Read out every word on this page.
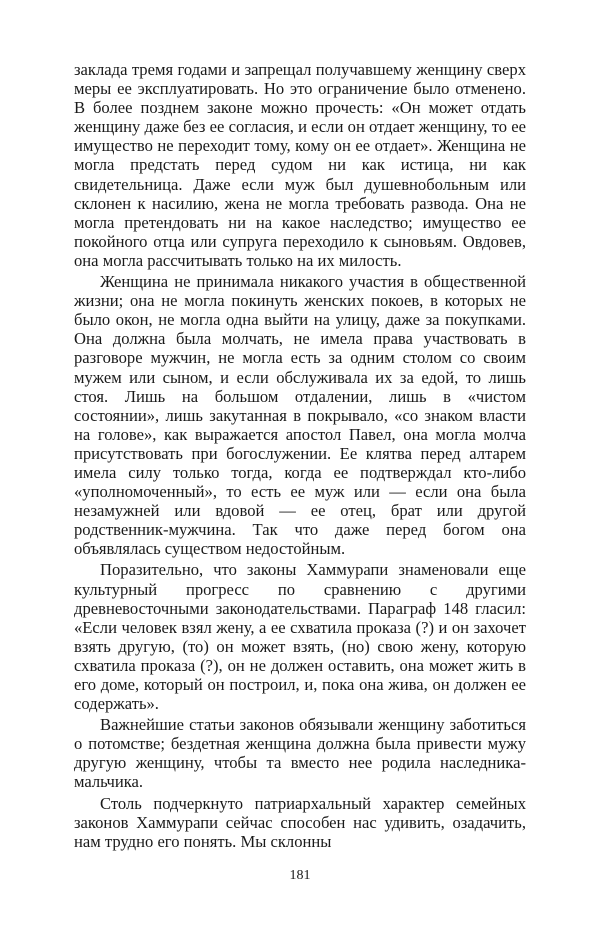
заклада тремя годами и запрещал получавшему женщину сверх меры ее эксплуатировать. Но это ограничение было отменено. В более позднем законе можно прочесть: «Он может отдать женщину даже без ее согласия, и если он отдает женщину, то ее имущество не переходит тому, кому он ее отдает». Женщина не могла предстать перед судом ни как истица, ни как свидетельница. Даже если муж был душевнобольным или склонен к насилию, жена не могла требовать развода. Она не могла претендовать ни на какое наследство; имущество ее покойного отца или супруга переходило к сыновьям. Овдовев, она могла рассчитывать только на их милость.

Женщина не принимала никакого участия в общественной жизни; она не могла покинуть женских покоев, в которых не было окон, не могла одна выйти на улицу, даже за покупками. Она должна была молчать, не имела права участвовать в разговоре мужчин, не могла есть за одним столом со своим мужем или сыном, и если обслуживала их за едой, то лишь стоя. Лишь на большом отдалении, лишь в «чистом состоянии», лишь закутанная в покрывало, «со знаком власти на голове», как выражается апостол Павел, она могла молча присутствовать при богослужении. Ее клятва перед алтарем имела силу только тогда, когда ее подтверждал кто-либо «уполномоченный», то есть ее муж или — если она была незамужней или вдовой — ее отец, брат или другой родственник-мужчина. Так что даже перед богом она объявлялась существом недостойным.

Поразительно, что законы Хаммурапи знаменовали еще культурный прогресс по сравнению с другими древневосточными законодательствами. Параграф 148 гласил: «Если человек взял жену, а ее схватила проказа (?) и он захочет взять другую, (то) он может взять, (но) свою жену, которую схватила проказа (?), он не должен оставить, она может жить в его доме, который он построил, и, пока она жива, он должен ее содержать».

Важнейшие статьи законов обязывали женщину заботиться о потомстве; бездетная женщина должна была привести мужу другую женщину, чтобы та вместо нее родила наследника-мальчика.

Столь подчеркнуто патриархальный характер семейных законов Хаммурапи сейчас способен нас удивить, озадачить, нам трудно его понять. Мы склонны

181
